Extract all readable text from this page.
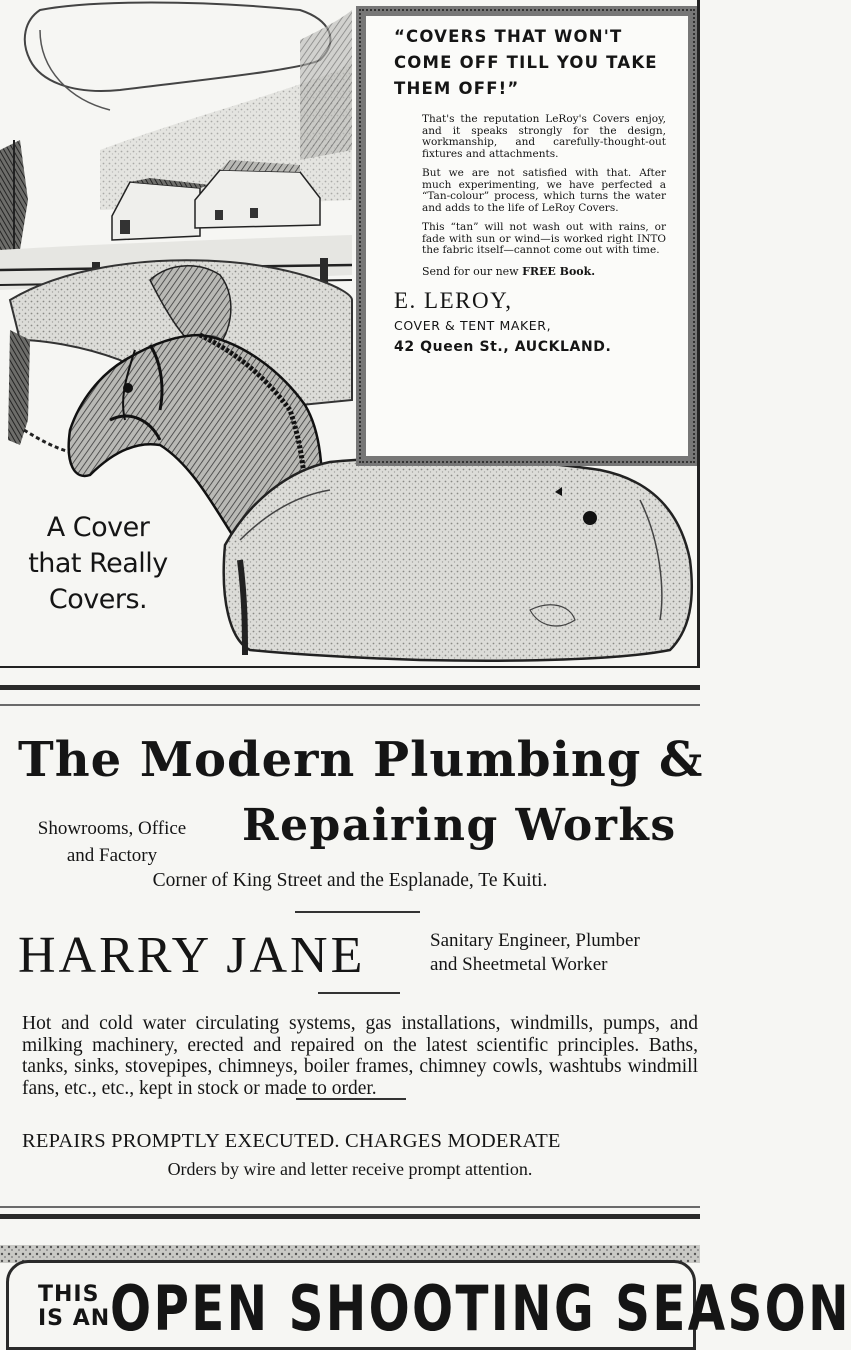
“COVERS THAT WON'T COME OFF TILL YOU TAKE THEM OFF!”

That's the reputation LeRoy's Covers enjoy, and it speaks strongly for the design, workmanship, and carefully-thought-out fixtures and attachments.

But we are not satisfied with that. After much experimenting, we have perfected a “Tan-colour” process, which turns the water and adds to the life of LeRoy Covers.

This “tan” will not wash out with rains, or fade with sun or wind—is worked right INTO the fabric itself—cannot come out with time.

Send for our new FREE Book.

E. LEROY,
COVER & TENT MAKER,
42 Queen St., AUCKLAND.
A Cover
that Really
Covers.
The Modern Plumbing &
Showrooms, Office
and Factory
Repairing Works
Corner of King Street and the Esplanade, Te Kuiti.
HARRY JANE	Sanitary Engineer, Plumber
and Sheetmetal Worker
Hot and cold water circulating systems, gas installations, windmills, pumps, and milking machinery, erected and repaired on the latest scientific principles. Baths, tanks, sinks, stovepipes, chimneys, boiler frames, chimney cowls, washtubs windmill fans, etc., etc., kept in stock or made to order.
REPAIRS PROMPTLY EXECUTED. CHARGES MODERATE
Orders by wire and letter receive prompt attention.
THIS
IS AN OPEN SHOOTING SEASON
